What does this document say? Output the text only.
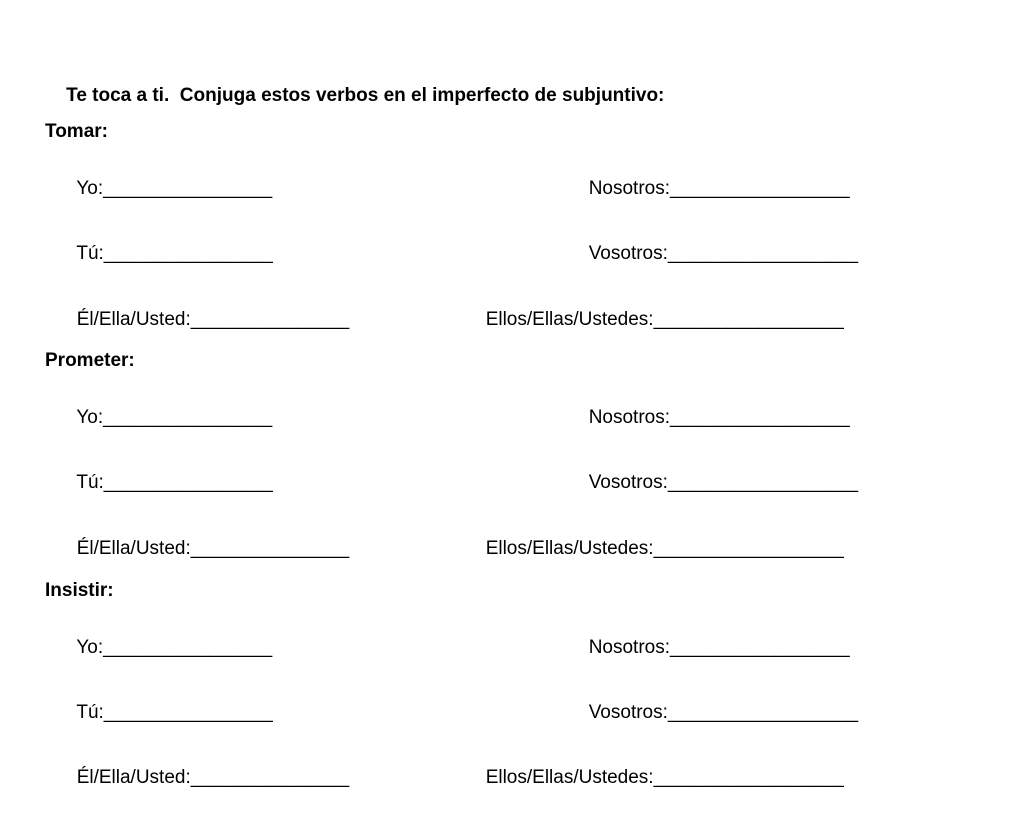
Te toca a ti.  Conjuga estos verbos en el imperfecto de subjuntivo:

Tomar:

Yo:________________
	Nosotros:_________________

Tú:________________
	Vosotros:__________________

Él/Ella/Usted:_______________
	Ellos/Ellas/Ustedes:__________________

Prometer:

Yo:________________
	Nosotros:_________________

Tú:________________
	Vosotros:__________________

Él/Ella/Usted:_______________
	Ellos/Ellas/Ustedes:__________________

Insistir:

Yo:________________
	Nosotros:_________________

Tú:________________
	Vosotros:__________________

Él/Ella/Usted:_______________
	Ellos/Ellas/Ustedes:__________________
